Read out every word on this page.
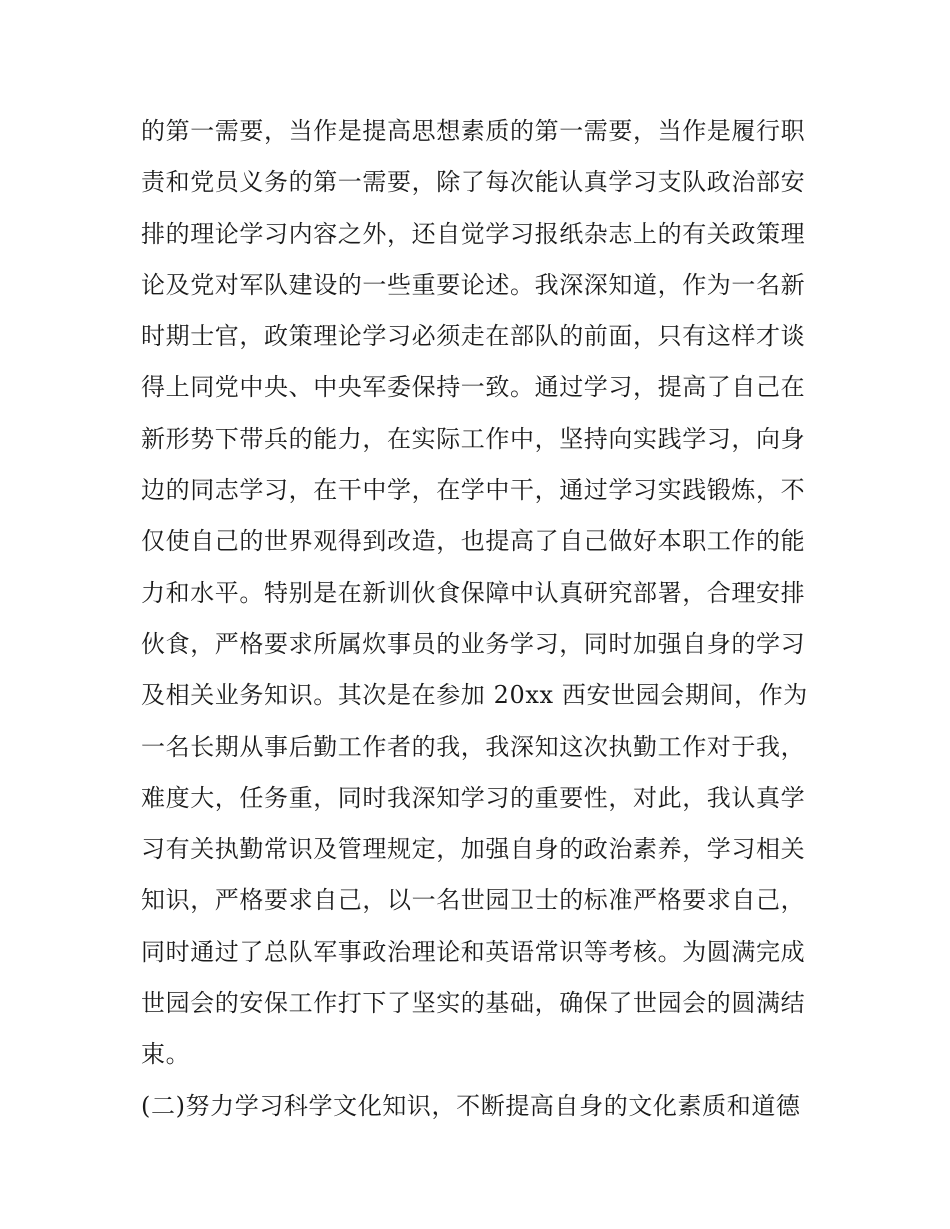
的第一需要，当作是提高思想素质的第一需要，当作是履行职
责和党员义务的第一需要，除了每次能认真学习支队政治部安
排的理论学习内容之外，还自觉学习报纸杂志上的有关政策理
论及党对军队建设的一些重要论述。我深深知道，作为一名新
时期士官，政策理论学习必须走在部队的前面，只有这样才谈
得上同党中央、中央军委保持一致。通过学习，提高了自己在
新形势下带兵的能力，在实际工作中，坚持向实践学习，向身
边的同志学习，在干中学，在学中干，通过学习实践锻炼，不
仅使自己的世界观得到改造，也提高了自己做好本职工作的能
力和水平。特别是在新训伙食保障中认真研究部署，合理安排
伙食，严格要求所属炊事员的业务学习，同时加强自身的学习
及相关业务知识。其次是在参加 20xx 西安世园会期间，作为
一名长期从事后勤工作者的我，我深知这次执勤工作对于我，
难度大，任务重，同时我深知学习的重要性，对此，我认真学
习有关执勤常识及管理规定，加强自身的政治素养，学习相关
知识，严格要求自己，以一名世园卫士的标准严格要求自己，
同时通过了总队军事政治理论和英语常识等考核。为圆满完成
世园会的安保工作打下了坚实的基础，确保了世园会的圆满结
束。
(二)努力学习科学文化知识，不断提高自身的文化素质和道德
